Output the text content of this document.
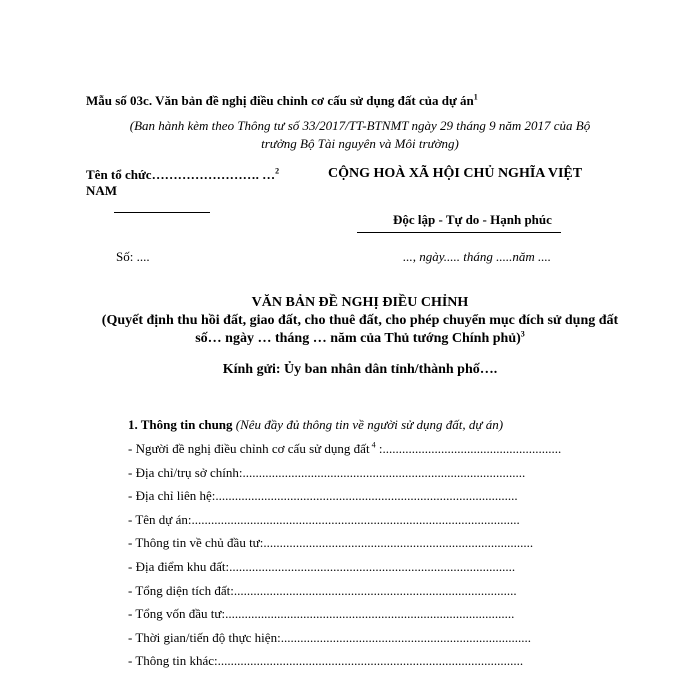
Mẫu số 03c. Văn bản đề nghị điều chỉnh cơ cấu sử dụng đất của dự $án^1$
(Ban hành kèm theo Thông tư số 33/2017/TT-BTNMT ngày 29 tháng 9 năm 2017 của Bộ
trưởng Bộ Tài nguyên và Môi trường)
Tên tổ chức……………………. …$^2$	CỘNG HOÀ XÃ HỘI CHỦ NGHĨA VIỆT
NAM
Độc lập - Tự do - Hạnh phúc
Số: ....	..., ngày..... tháng .....năm ....
VĂN BẢN ĐỀ NGHỊ ĐIỀU CHỈNH
(Quyết định thu hồi đất, giao đất, cho thuê đất, cho phép chuyển mục đích sử dụng đất
số… ngày … tháng … năm của Thủ tướng Chính phủ)$^3$
Kính gửi: Ủy ban nhân dân tỉnh/thành phố….
1. Thông tin chung (Nêu đầy đủ thông tin về người sử dụng đất, dự án)
- Người đề nghị điều chỉnh cơ cấu sử dụng đất $^4$ :.......................................................
- Địa chỉ/trụ sở chính:.......................................................................................
- Địa chỉ liên hệ:.............................................................................................
- Tên dự án:.....................................................................................................
- Thông tin về chủ đầu tư:...................................................................................
- Địa điểm khu đất:........................................................................................
- Tổng diện tích đất:.......................................................................................
- Tổng vốn đầu tư:.........................................................................................
- Thời gian/tiến độ thực hiện:.............................................................................
- Thông tin khác:..............................................................................................
